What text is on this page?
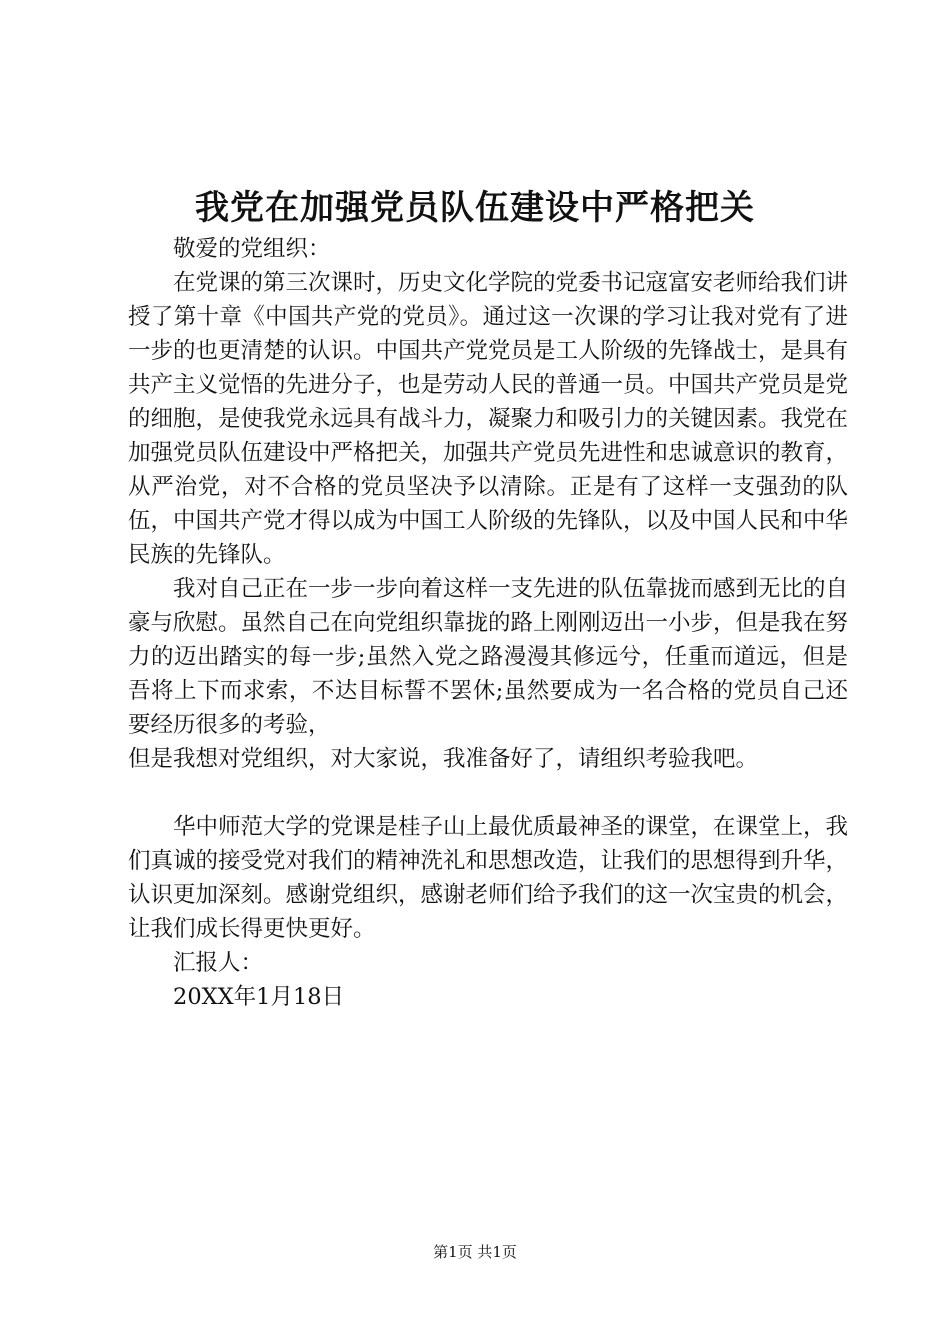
我党在加强党员队伍建设中严格把关

敬爱的党组织：

在党课的第三次课时，历史文化学院的党委书记寇富安老师给我们讲授了第十章《中国共产党的党员》。通过这一次课的学习让我对党有了进一步的也更清楚的认识。中国共产党党员是工人阶级的先锋战士，是具有共产主义觉悟的先进分子，也是劳动人民的普通一员。中国共产党员是党的细胞，是使我党永远具有战斗力，凝聚力和吸引力的关键因素。我党在加强党员队伍建设中严格把关，加强共产党员先进性和忠诚意识的教育，从严治党，对不合格的党员坚决予以清除。正是有了这样一支强劲的队伍，中国共产党才得以成为中国工人阶级的先锋队，以及中国人民和中华民族的先锋队。

我对自己正在一步一步向着这样一支先进的队伍靠拢而感到无比的自豪与欣慰。虽然自己在向党组织靠拢的路上刚刚迈出一小步，但是我在努力的迈出踏实的每一步;虽然入党之路漫漫其修远兮，任重而道远，但是吾将上下而求索，不达目标誓不罢休;虽然要成为一名合格的党员自己还要经历很多的考验，

但是我想对党组织，对大家说，我准备好了，请组织考验我吧。

华中师范大学的党课是桂子山上最优质最神圣的课堂，在课堂上，我们真诚的接受党对我们的精神洗礼和思想改造，让我们的思想得到升华，认识更加深刻。感谢党组织，感谢老师们给予我们的这一次宝贵的机会，让我们成长得更快更好。

汇报人：

20XX年1月18日

第1页 共1页
